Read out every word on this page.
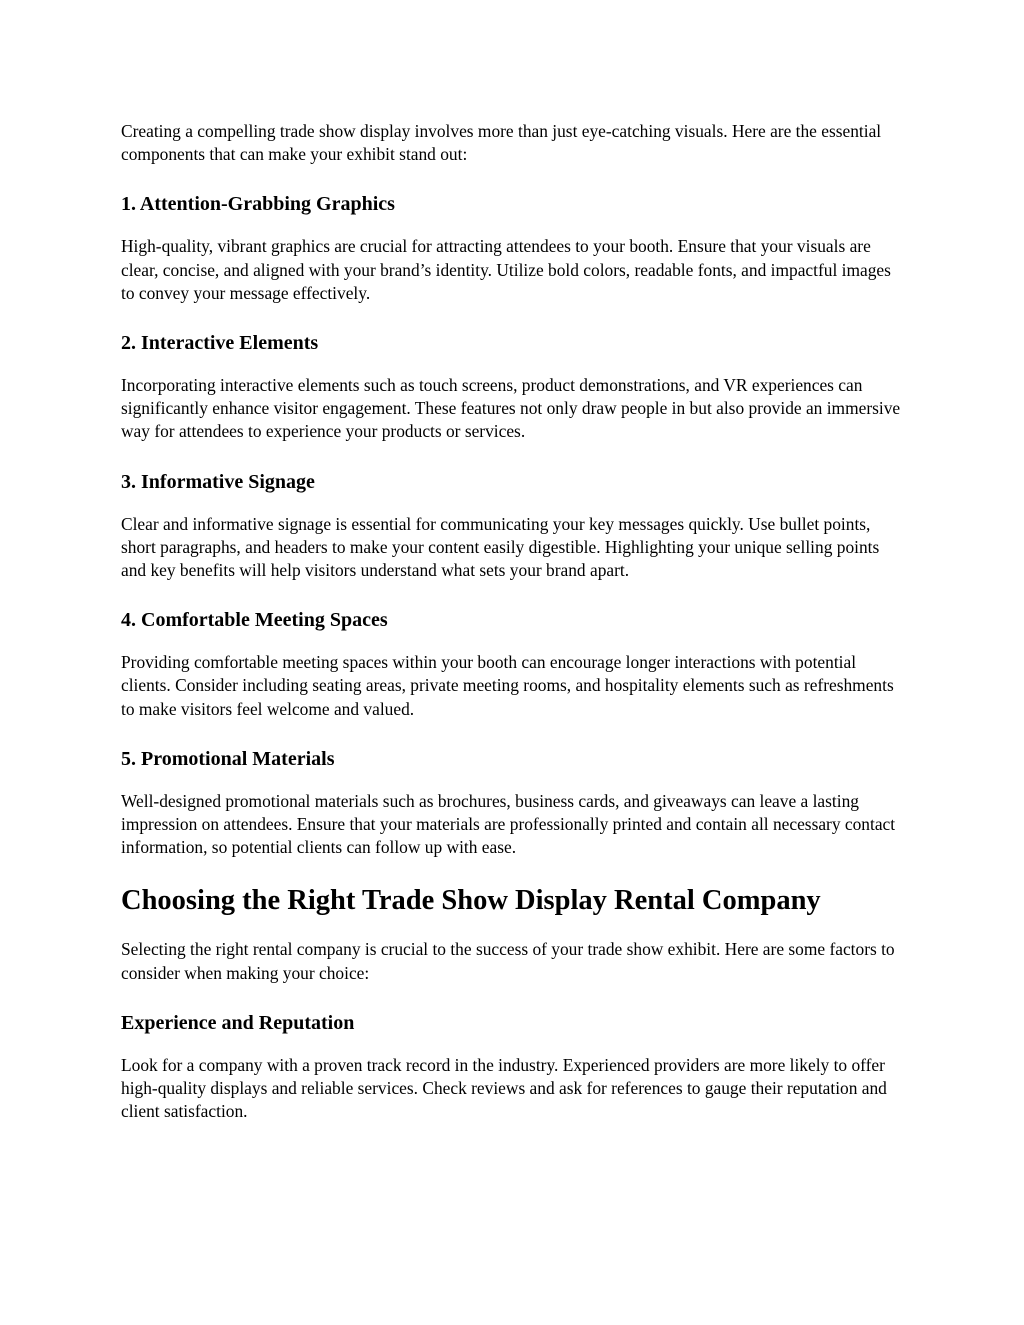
Creating a compelling trade show display involves more than just eye-catching visuals. Here are the essential components that can make your exhibit stand out:

1. Attention-Grabbing Graphics

High-quality, vibrant graphics are crucial for attracting attendees to your booth. Ensure that your visuals are clear, concise, and aligned with your brand’s identity. Utilize bold colors, readable fonts, and impactful images to convey your message effectively.

2. Interactive Elements

Incorporating interactive elements such as touch screens, product demonstrations, and VR experiences can significantly enhance visitor engagement. These features not only draw people in but also provide an immersive way for attendees to experience your products or services.

3. Informative Signage

Clear and informative signage is essential for communicating your key messages quickly. Use bullet points, short paragraphs, and headers to make your content easily digestible. Highlighting your unique selling points and key benefits will help visitors understand what sets your brand apart.

4. Comfortable Meeting Spaces

Providing comfortable meeting spaces within your booth can encourage longer interactions with potential clients. Consider including seating areas, private meeting rooms, and hospitality elements such as refreshments to make visitors feel welcome and valued.

5. Promotional Materials

Well-designed promotional materials such as brochures, business cards, and giveaways can leave a lasting impression on attendees. Ensure that your materials are professionally printed and contain all necessary contact information, so potential clients can follow up with ease.

Choosing the Right Trade Show Display Rental Company

Selecting the right rental company is crucial to the success of your trade show exhibit. Here are some factors to consider when making your choice:

Experience and Reputation

Look for a company with a proven track record in the industry. Experienced providers are more likely to offer high-quality displays and reliable services. Check reviews and ask for references to gauge their reputation and client satisfaction.
